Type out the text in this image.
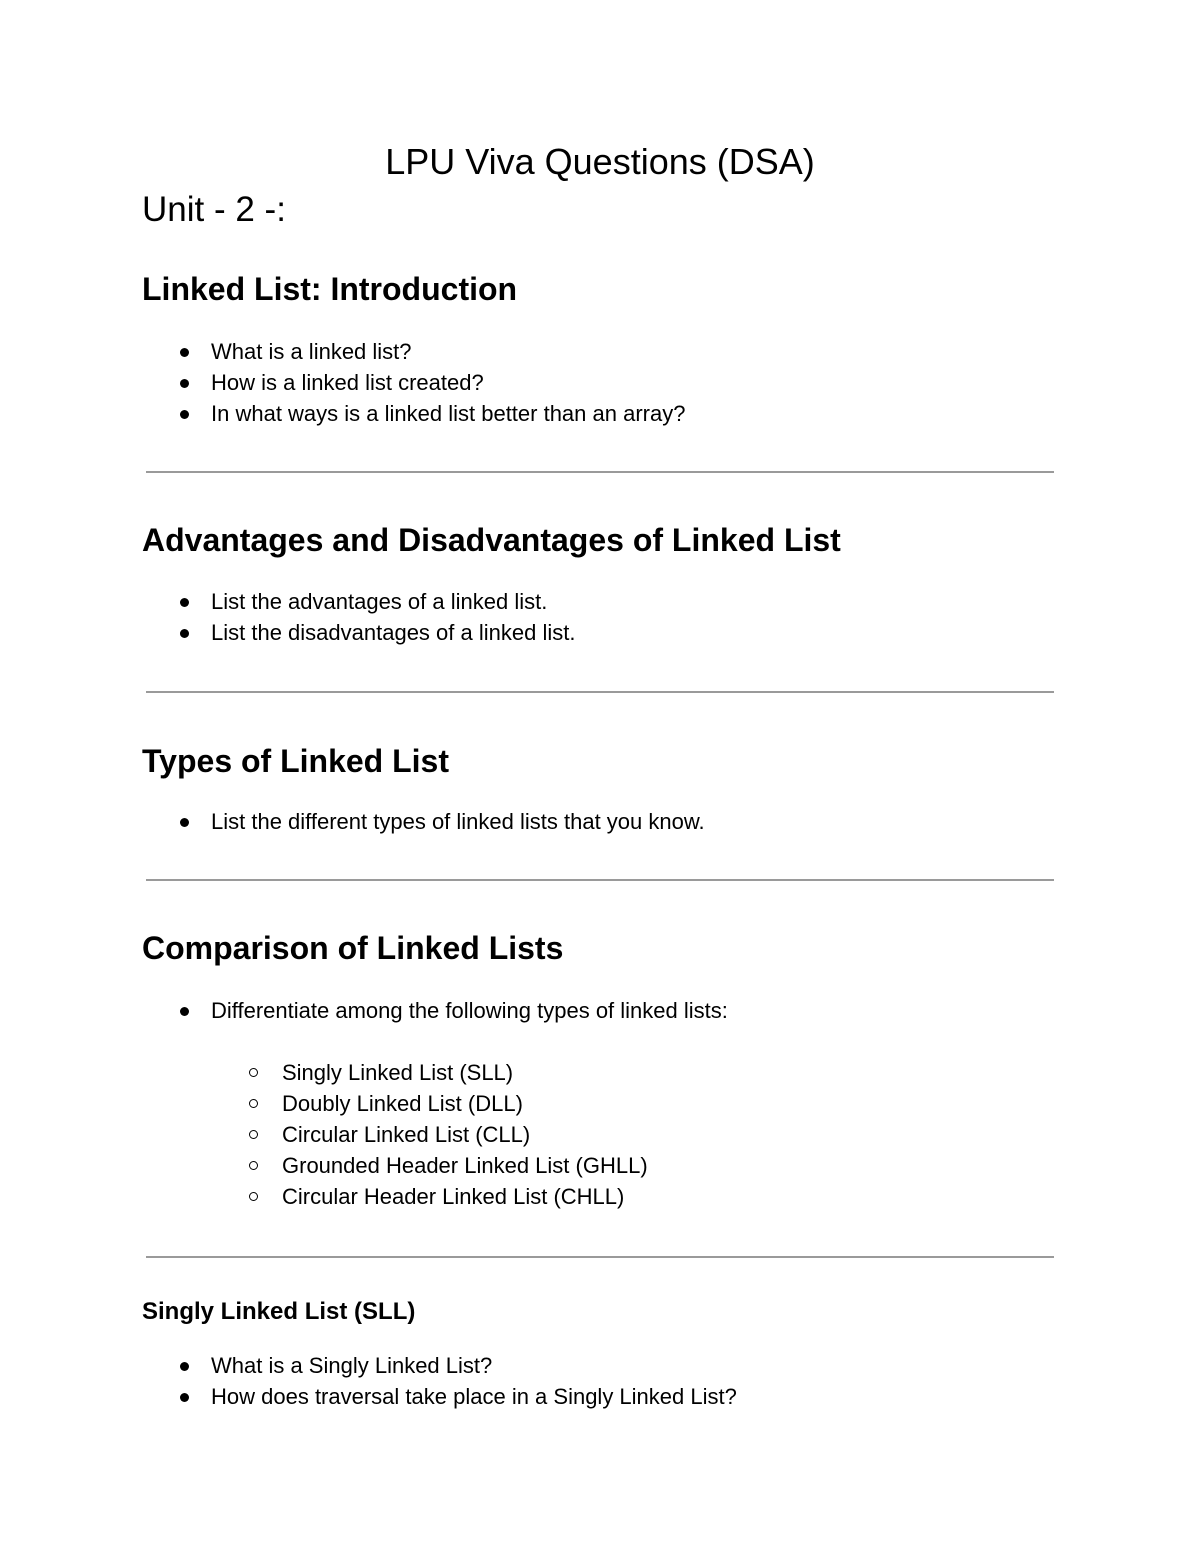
LPU Viva Questions (DSA)
Unit - 2 -:
Linked List: Introduction
What is a linked list?
How is a linked list created?
In what ways is a linked list better than an array?
Advantages and Disadvantages of Linked List
List the advantages of a linked list.
List the disadvantages of a linked list.
Types of Linked List
List the different types of linked lists that you know.
Comparison of Linked Lists
Differentiate among the following types of linked lists:
Singly Linked List (SLL)
Doubly Linked List (DLL)
Circular Linked List (CLL)
Grounded Header Linked List (GHLL)
Circular Header Linked List (CHLL)
Singly Linked List (SLL)
What is a Singly Linked List?
How does traversal take place in a Singly Linked List?
